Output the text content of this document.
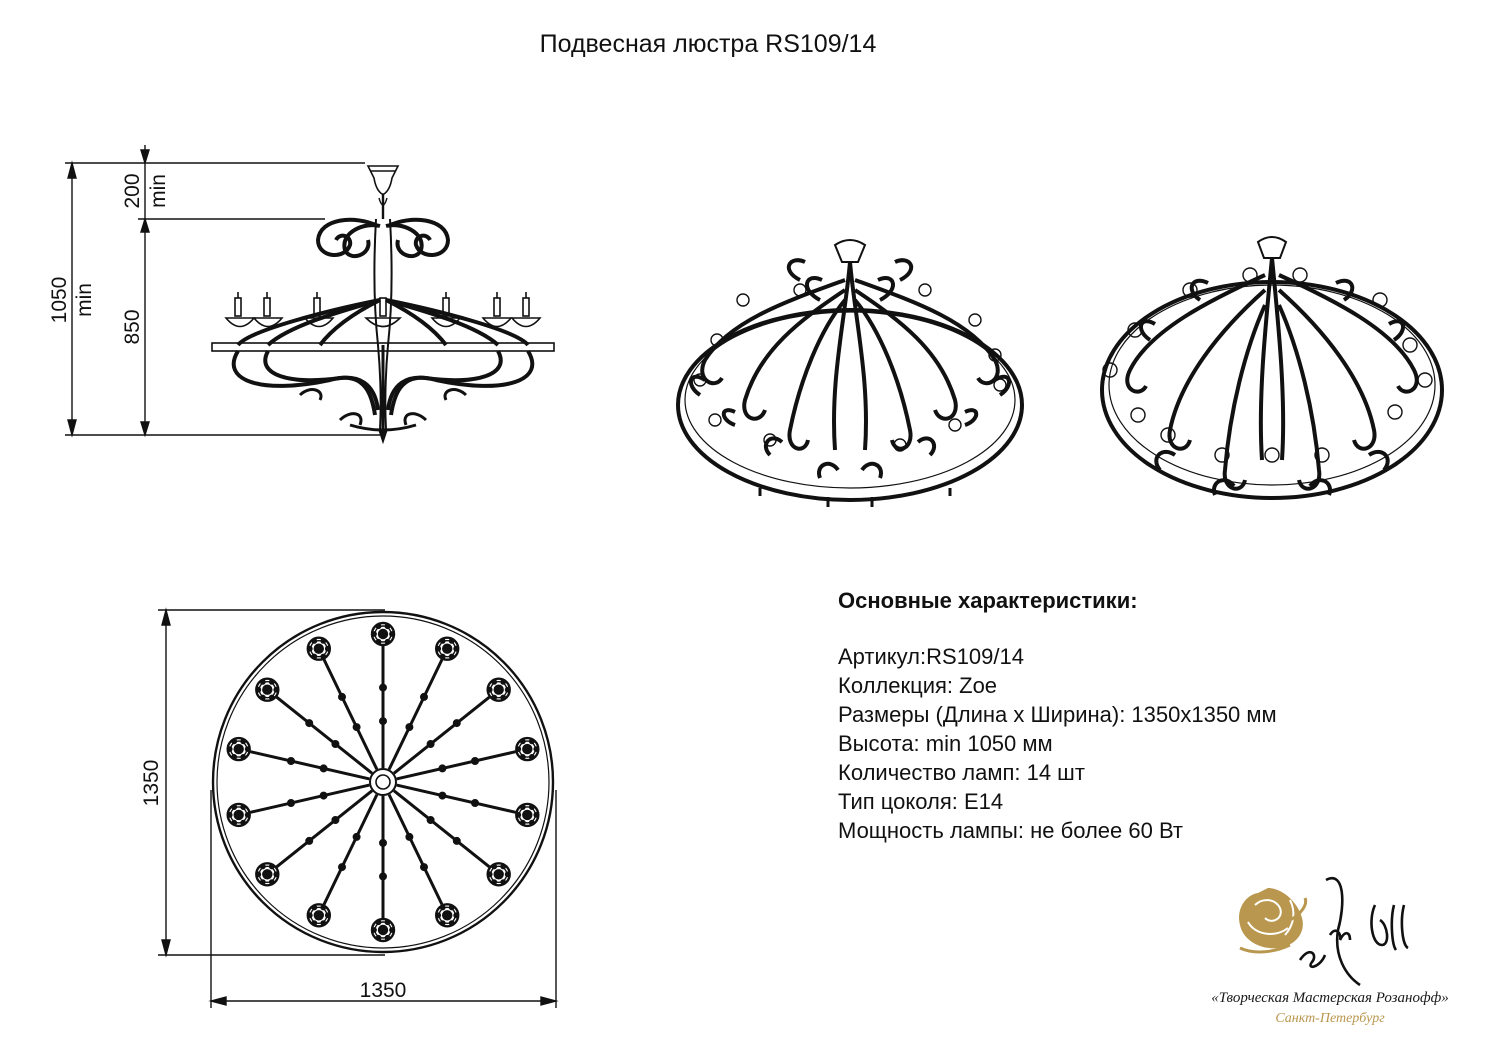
Подвесная люстра RS109/14
1050 min
200 min
850
1350
1350
Основные характеристики:
Артикул:RS109/14
Коллекция: Zoe
Размеры (Длина х Ширина): 1350х1350 мм
Высота: min 1050 мм
Количество ламп: 14 шт
Тип цоколя: Е14
Мощность лампы: не более 60 Вт
«Творческая Мастерская Розанофф»
Санкт-Петербург
